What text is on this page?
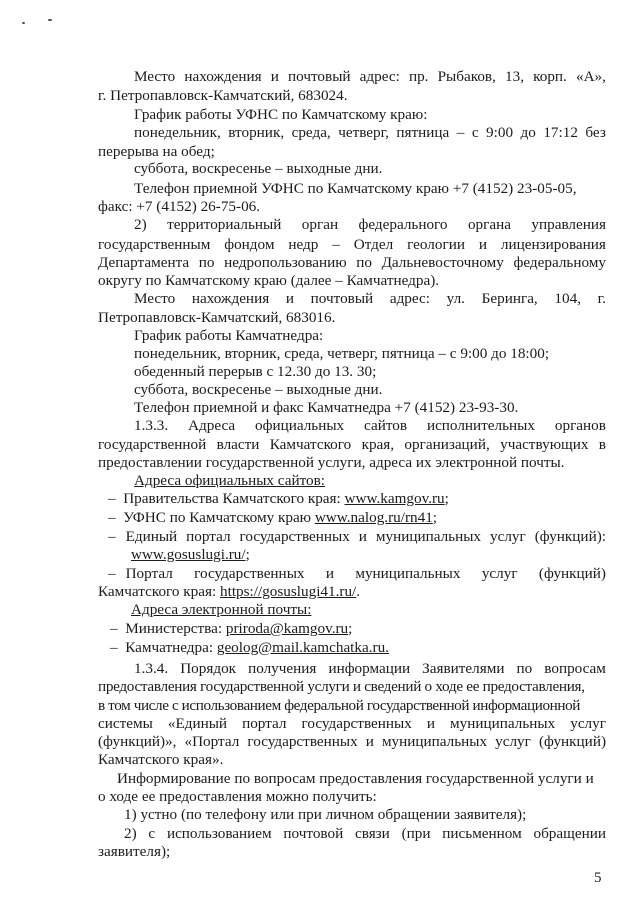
Место нахождения и почтовый адрес: пр. Рыбаков, 13, корп. «А»,
г. Петропавловск-Камчатский, 683024.
График работы УФНС по Камчатскому краю:
понедельник, вторник, среда, четверг, пятница – с 9:00 до 17:12 без
перерыва на обед;
суббота, воскресенье – выходные дни.
Телефон приемной УФНС по Камчатскому краю +7 (4152) 23-05-05,
факс: +7 (4152) 26-75-06.
2) территориальный орган федерального органа управления
государственным фондом недр – Отдел геологии и лицензирования
Департамента по недропользованию по Дальневосточному федеральному
округу по Камчатскому краю (далее – Камчатнедра).
Место нахождения и почтовый адрес: ул. Беринга, 104, г.
Петропавловск-Камчатский, 683016.
График работы Камчатнедра:
понедельник, вторник, среда, четверг, пятница – с 9:00 до 18:00;
обеденный перерыв с 12.30 до 13. 30;
суббота, воскресенье – выходные дни.
Телефон приемной и факс Камчатнедра +7 (4152) 23-93-30.
1.3.3. Адреса официальных сайтов исполнительных органов
государственной власти Камчатского края, организаций, участвующих в
предоставлении государственной услуги, адреса их электронной почты.
Адреса официальных сайтов:
– Правительства Камчатского края: www.kamgov.ru;
– УФНС по Камчатскому краю www.nalog.ru/rn41;
– Единый портал государственных и муниципальных услуг (функций):
www.gosuslugi.ru/;
– Портал государственных и муниципальных услуг (функций)
Камчатского края: https://gosuslugi41.ru/.
Адреса электронной почты:
– Министерства: priroda@kamgov.ru;
– Камчатнедра: geolog@mail.kamchatka.ru.
1.3.4. Порядок получения информации Заявителями по вопросам
предоставления государственной услуги и сведений о ходе ее предоставления,
в том числе с использованием федеральной государственной информационной
системы «Единый портал государственных и муниципальных услуг
(функций)», «Портал государственных и муниципальных услуг (функций)
Камчатского края».
Информирование по вопросам предоставления государственной услуги и
о ходе ее предоставления можно получить:
1) устно (по телефону или при личном обращении заявителя);
2) с использованием почтовой связи (при письменном обращении
заявителя);
5
